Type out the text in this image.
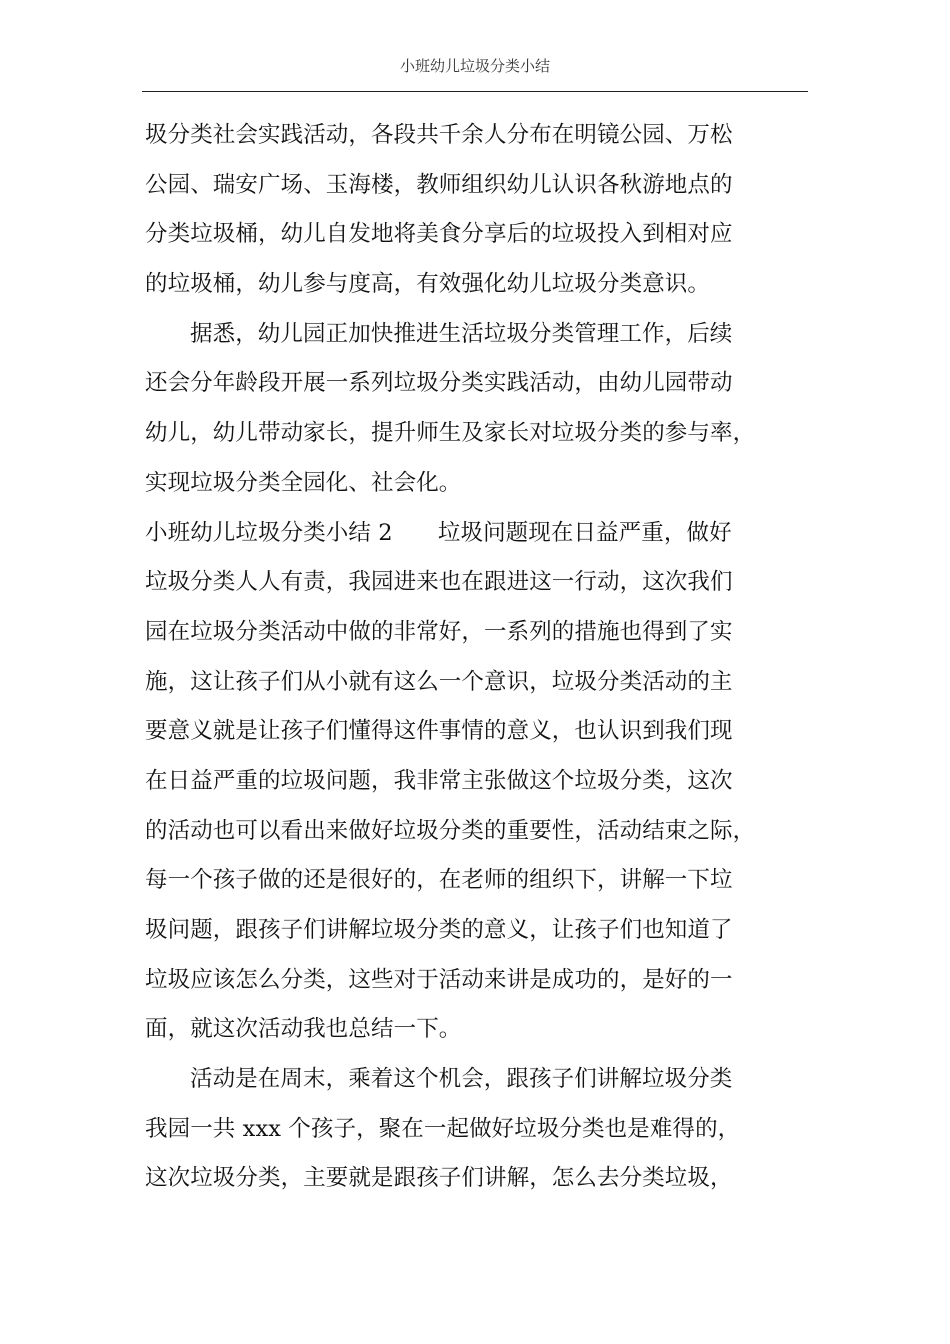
小班幼儿垃圾分类小结
圾分类社会实践活动，各段共千余人分布在明镜公园、万松
公园、瑞安广场、玉海楼，教师组织幼儿认识各秋游地点的
分类垃圾桶，幼儿自发地将美食分享后的垃圾投入到相对应
的垃圾桶，幼儿参与度高，有效强化幼儿垃圾分类意识。
据悉，幼儿园正加快推进生活垃圾分类管理工作，后续
还会分年龄段开展一系列垃圾分类实践活动，由幼儿园带动
幼儿，幼儿带动家长，提升师生及家长对垃圾分类的参与率，
实现垃圾分类全园化、社会化。
小班幼儿垃圾分类小结 2　　垃圾问题现在日益严重，做好
垃圾分类人人有责，我园进来也在跟进这一行动，这次我们
园在垃圾分类活动中做的非常好，一系列的措施也得到了实
施，这让孩子们从小就有这么一个意识，垃圾分类活动的主
要意义就是让孩子们懂得这件事情的意义，也认识到我们现
在日益严重的垃圾问题，我非常主张做这个垃圾分类，这次
的活动也可以看出来做好垃圾分类的重要性，活动结束之际，
每一个孩子做的还是很好的，在老师的组织下，讲解一下垃
圾问题，跟孩子们讲解垃圾分类的意义，让孩子们也知道了
垃圾应该怎么分类，这些对于活动来讲是成功的，是好的一
面，就这次活动我也总结一下。
活动是在周末，乘着这个机会，跟孩子们讲解垃圾分类
我园一共 xxx 个孩子，聚在一起做好垃圾分类也是难得的，
这次垃圾分类，主要就是跟孩子们讲解，怎么去分类垃圾，
